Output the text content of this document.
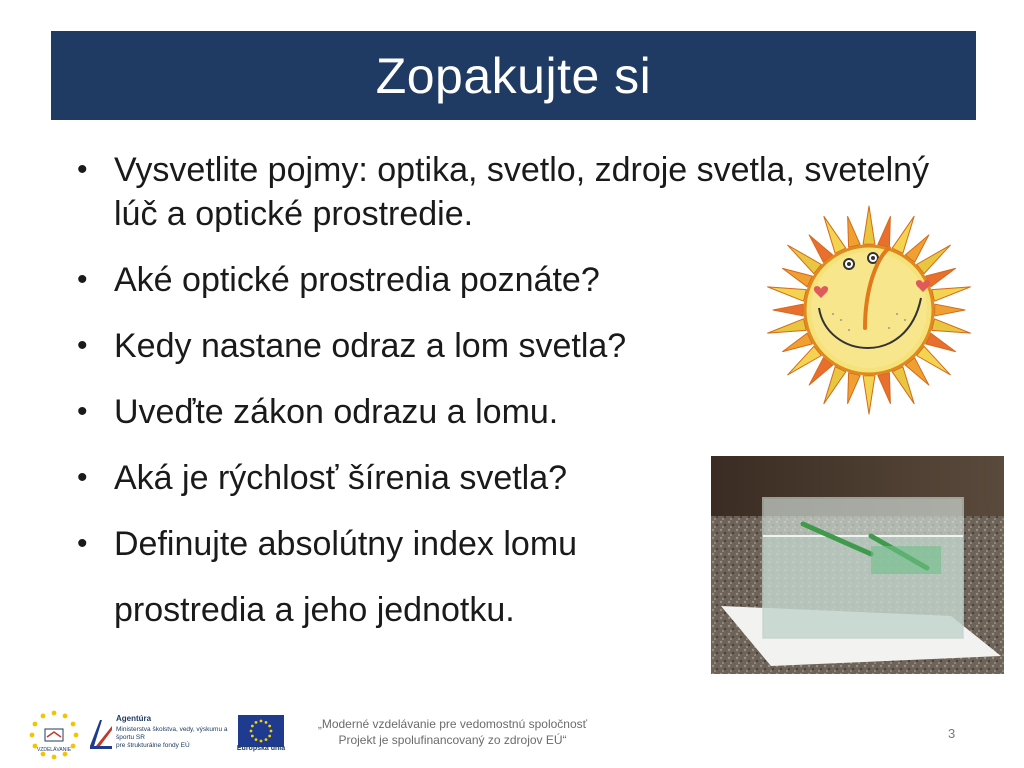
Zopakujte si
• Vysvetlite pojmy: optika, svetlo, zdroje svetla, svetelný lúč a optické prostredie.
• Aké optické prostredia poznáte?
• Kedy nastane odraz a lom svetla?
• Uveďte zákon odrazu a lomu.
• Aká je rýchlosť šírenia svetla?
• Definujte absolútny index lomu
prostredia a jeho jednotku.
VZDELÁVANIE
Agentúra
Ministerstva školstva, vedy, výskumu a športu SR
pre štrukturálne fondy EÚ	Európska únia
„Moderné vzdelávanie pre vedomostnú spoločnosť
Projekt je spolufinancovaný zo zdrojov EÚ“	3
